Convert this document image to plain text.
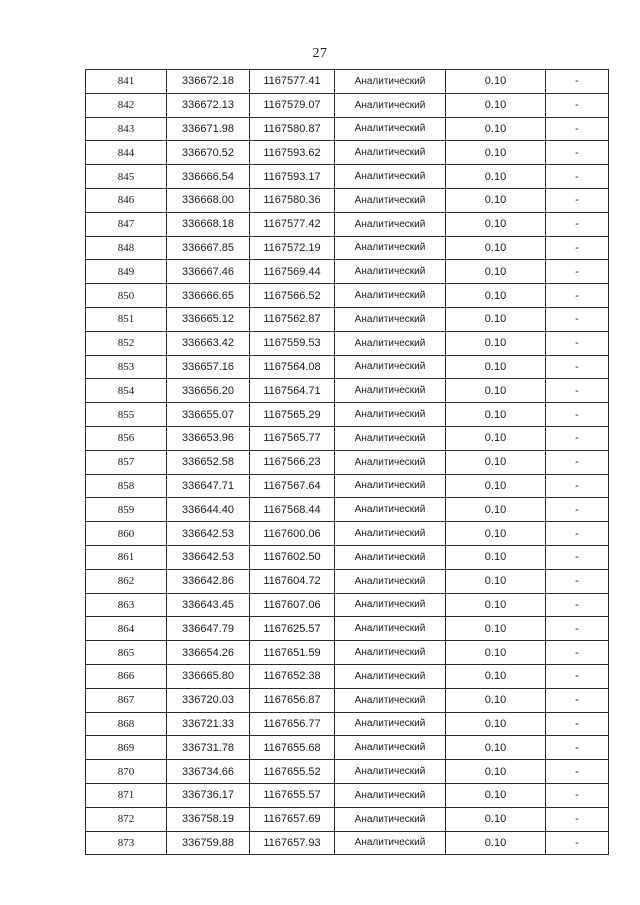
27
841	336672.18	1167577.41	Аналитический	0.10	-
842	336672.13	1167579.07	Аналитический	0.10	-
843	336671.98	1167580.87	Аналитический	0.10	-
844	336670.52	1167593.62	Аналитический	0.10	-
845	336666.54	1167593.17	Аналитический	0.10	-
846	336668.00	1167580.36	Аналитический	0.10	-
847	336668.18	1167577.42	Аналитический	0.10	-
848	336667.85	1167572.19	Аналитический	0.10	-
849	336667.46	1167569.44	Аналитический	0.10	-
850	336666.65	1167566.52	Аналитический	0.10	-
851	336665.12	1167562.87	Аналитический	0.10	-
852	336663.42	1167559.53	Аналитический	0.10	-
853	336657.16	1167564.08	Аналитический	0.10	-
854	336656.20	1167564.71	Аналитический	0.10	-
855	336655.07	1167565.29	Аналитический	0.10	-
856	336653.96	1167565.77	Аналитический	0.10	-
857	336652.58	1167566.23	Аналитический	0.10	-
858	336647.71	1167567.64	Аналитический	0.10	-
859	336644.40	1167568.44	Аналитический	0.10	-
860	336642.53	1167600.06	Аналитический	0.10	-
861	336642.53	1167602.50	Аналитический	0.10	-
862	336642.86	1167604.72	Аналитический	0.10	-
863	336643.45	1167607.06	Аналитический	0.10	-
864	336647.79	1167625.57	Аналитический	0.10	-
865	336654.26	1167651.59	Аналитический	0.10	-
866	336665.80	1167652.38	Аналитический	0.10	-
867	336720.03	1167656.87	Аналитический	0.10	-
868	336721.33	1167656.77	Аналитический	0.10	-
869	336731.78	1167655.68	Аналитический	0.10	-
870	336734.66	1167655.52	Аналитический	0.10	-
871	336736.17	1167655.57	Аналитический	0.10	-
872	336758.19	1167657.69	Аналитический	0.10	-
873	336759.88	1167657.93	Аналитический	0.10	-
